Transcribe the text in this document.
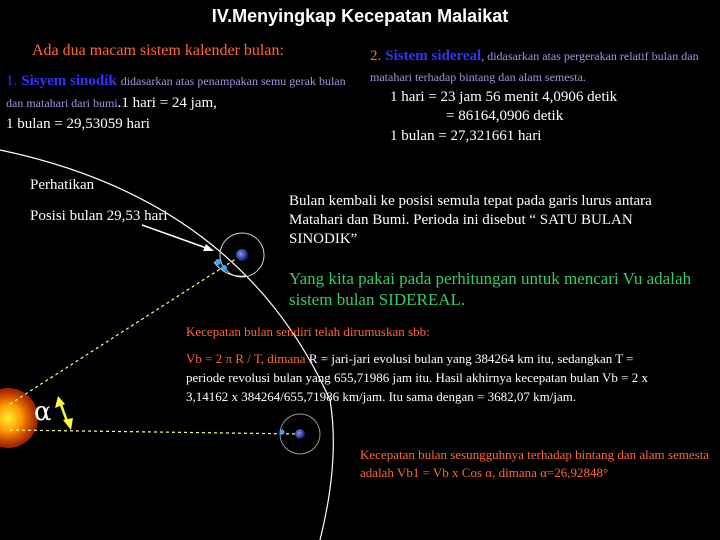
IV.Menyingkap Kecepatan Malaikat
Ada dua macam sistem kalender bulan:
1. Sisyem sinodik didasarkan atas penampakan semu gerak bulan dan matahari dari bumi.1 hari = 24 jam,
1 bulan = 29,53059 hari
2. Sistem sidereal, didasarkan atas pergerakan relatif bulan dan matahari terhadap bintang dan alam semesta.
1 hari = 23 jam 56 menit 4,0906 detik
= 86164,0906 detik
1 bulan = 27,321661 hari
Perhatikan
Posisi bulan 29,53 hari
Bulan kembali ke posisi semula tepat pada garis lurus antara Matahari dan Bumi. Perioda ini disebut “ SATU BULAN SINODIK”
Yang kita pakai pada perhitungan untuk mencari Vu adalah sistem bulan SIDEREAL.
Kecepatan bulan sendiri telah dirumuskan sbb:
Vb = 2 π R / T, dimana R = jari-jari evolusi bulan yang 384264 km itu, sedangkan T = periode revolusi bulan yang 655,71986 jam itu. Hasil akhirnya kecepatan bulan Vb = 2 x 3,14162 x 384264/655,71986 km/jam. Itu sama dengan = 3682,07 km/jam.
Kecepatan bulan sesungguhnya terhadap bintang dan alam semesta adalah Vb1 = Vb x Cos α, dimana α=26,92848°
α
